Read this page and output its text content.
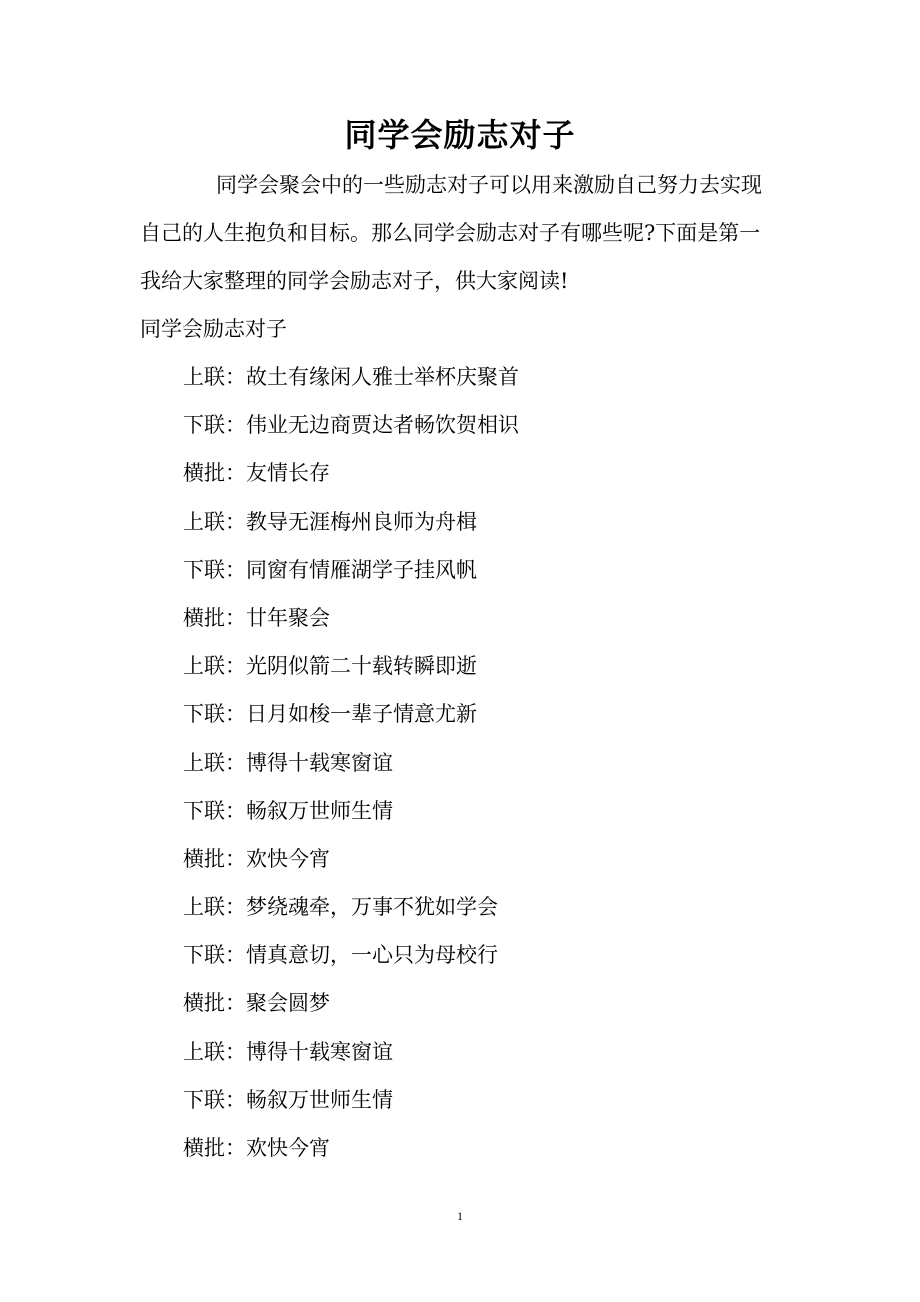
同学会励志对子
同学会聚会中的一些励志对子可以用来激励自己努力去实现
自己的人生抱负和目标。那么同学会励志对子有哪些呢?下面是第一
我给大家整理的同学会励志对子，供大家阅读!
同学会励志对子
上联：故土有缘闲人雅士举杯庆聚首
下联：伟业无边商贾达者畅饮贺相识
横批：友情长存
上联：教导无涯梅州良师为舟楫
下联：同窗有情雁湖学子挂风帆
横批：廿年聚会
上联：光阴似箭二十载转瞬即逝
下联：日月如梭一辈子情意尤新
上联：博得十载寒窗谊
下联：畅叙万世师生情
横批：欢快今宵
上联：梦绕魂牵，万事不犹如学会
下联：情真意切，一心只为母校行
横批：聚会圆梦
上联：博得十载寒窗谊
下联：畅叙万世师生情
横批：欢快今宵
1
